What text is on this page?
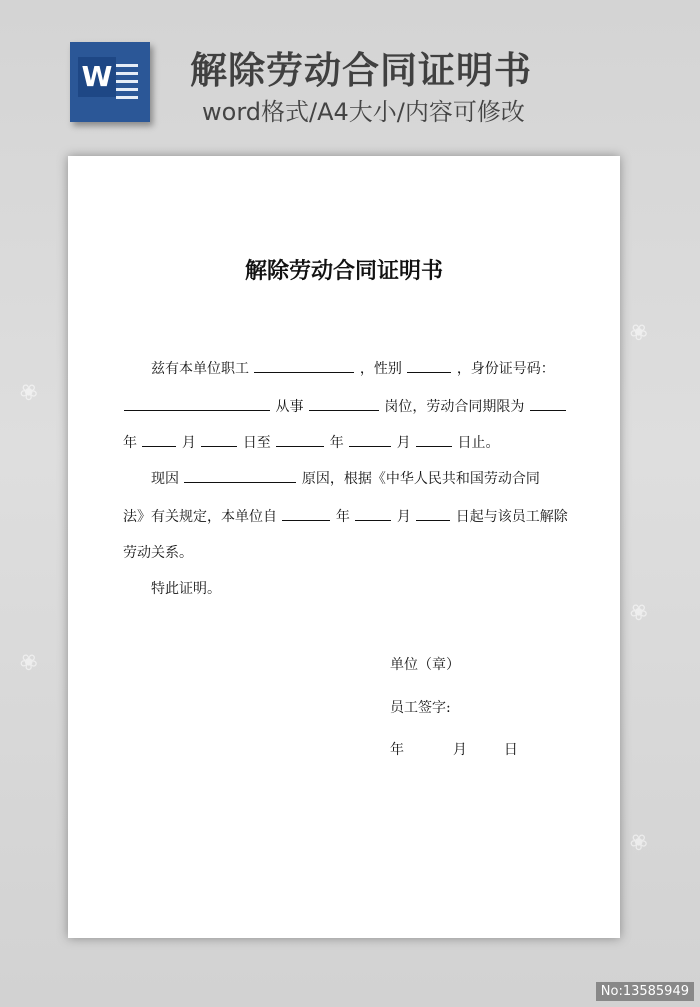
W 解除劳动合同证明书
word格式/A4大小/内容可修改
❀
❀
❀
❀
❀
解除劳动合同证明书
兹有本单位职工	，性别	，身份证号码：
从事	岗位，劳动合同期限为
年	月	日至	年	月	日止。
现因	原因，根据《中华人民共和国劳动合同
法》有关规定，本单位自	年	月	日起与该员工解除
劳动关系。
特此证明。
单位（章）
员工签字:
年	月	日
No:13585949
